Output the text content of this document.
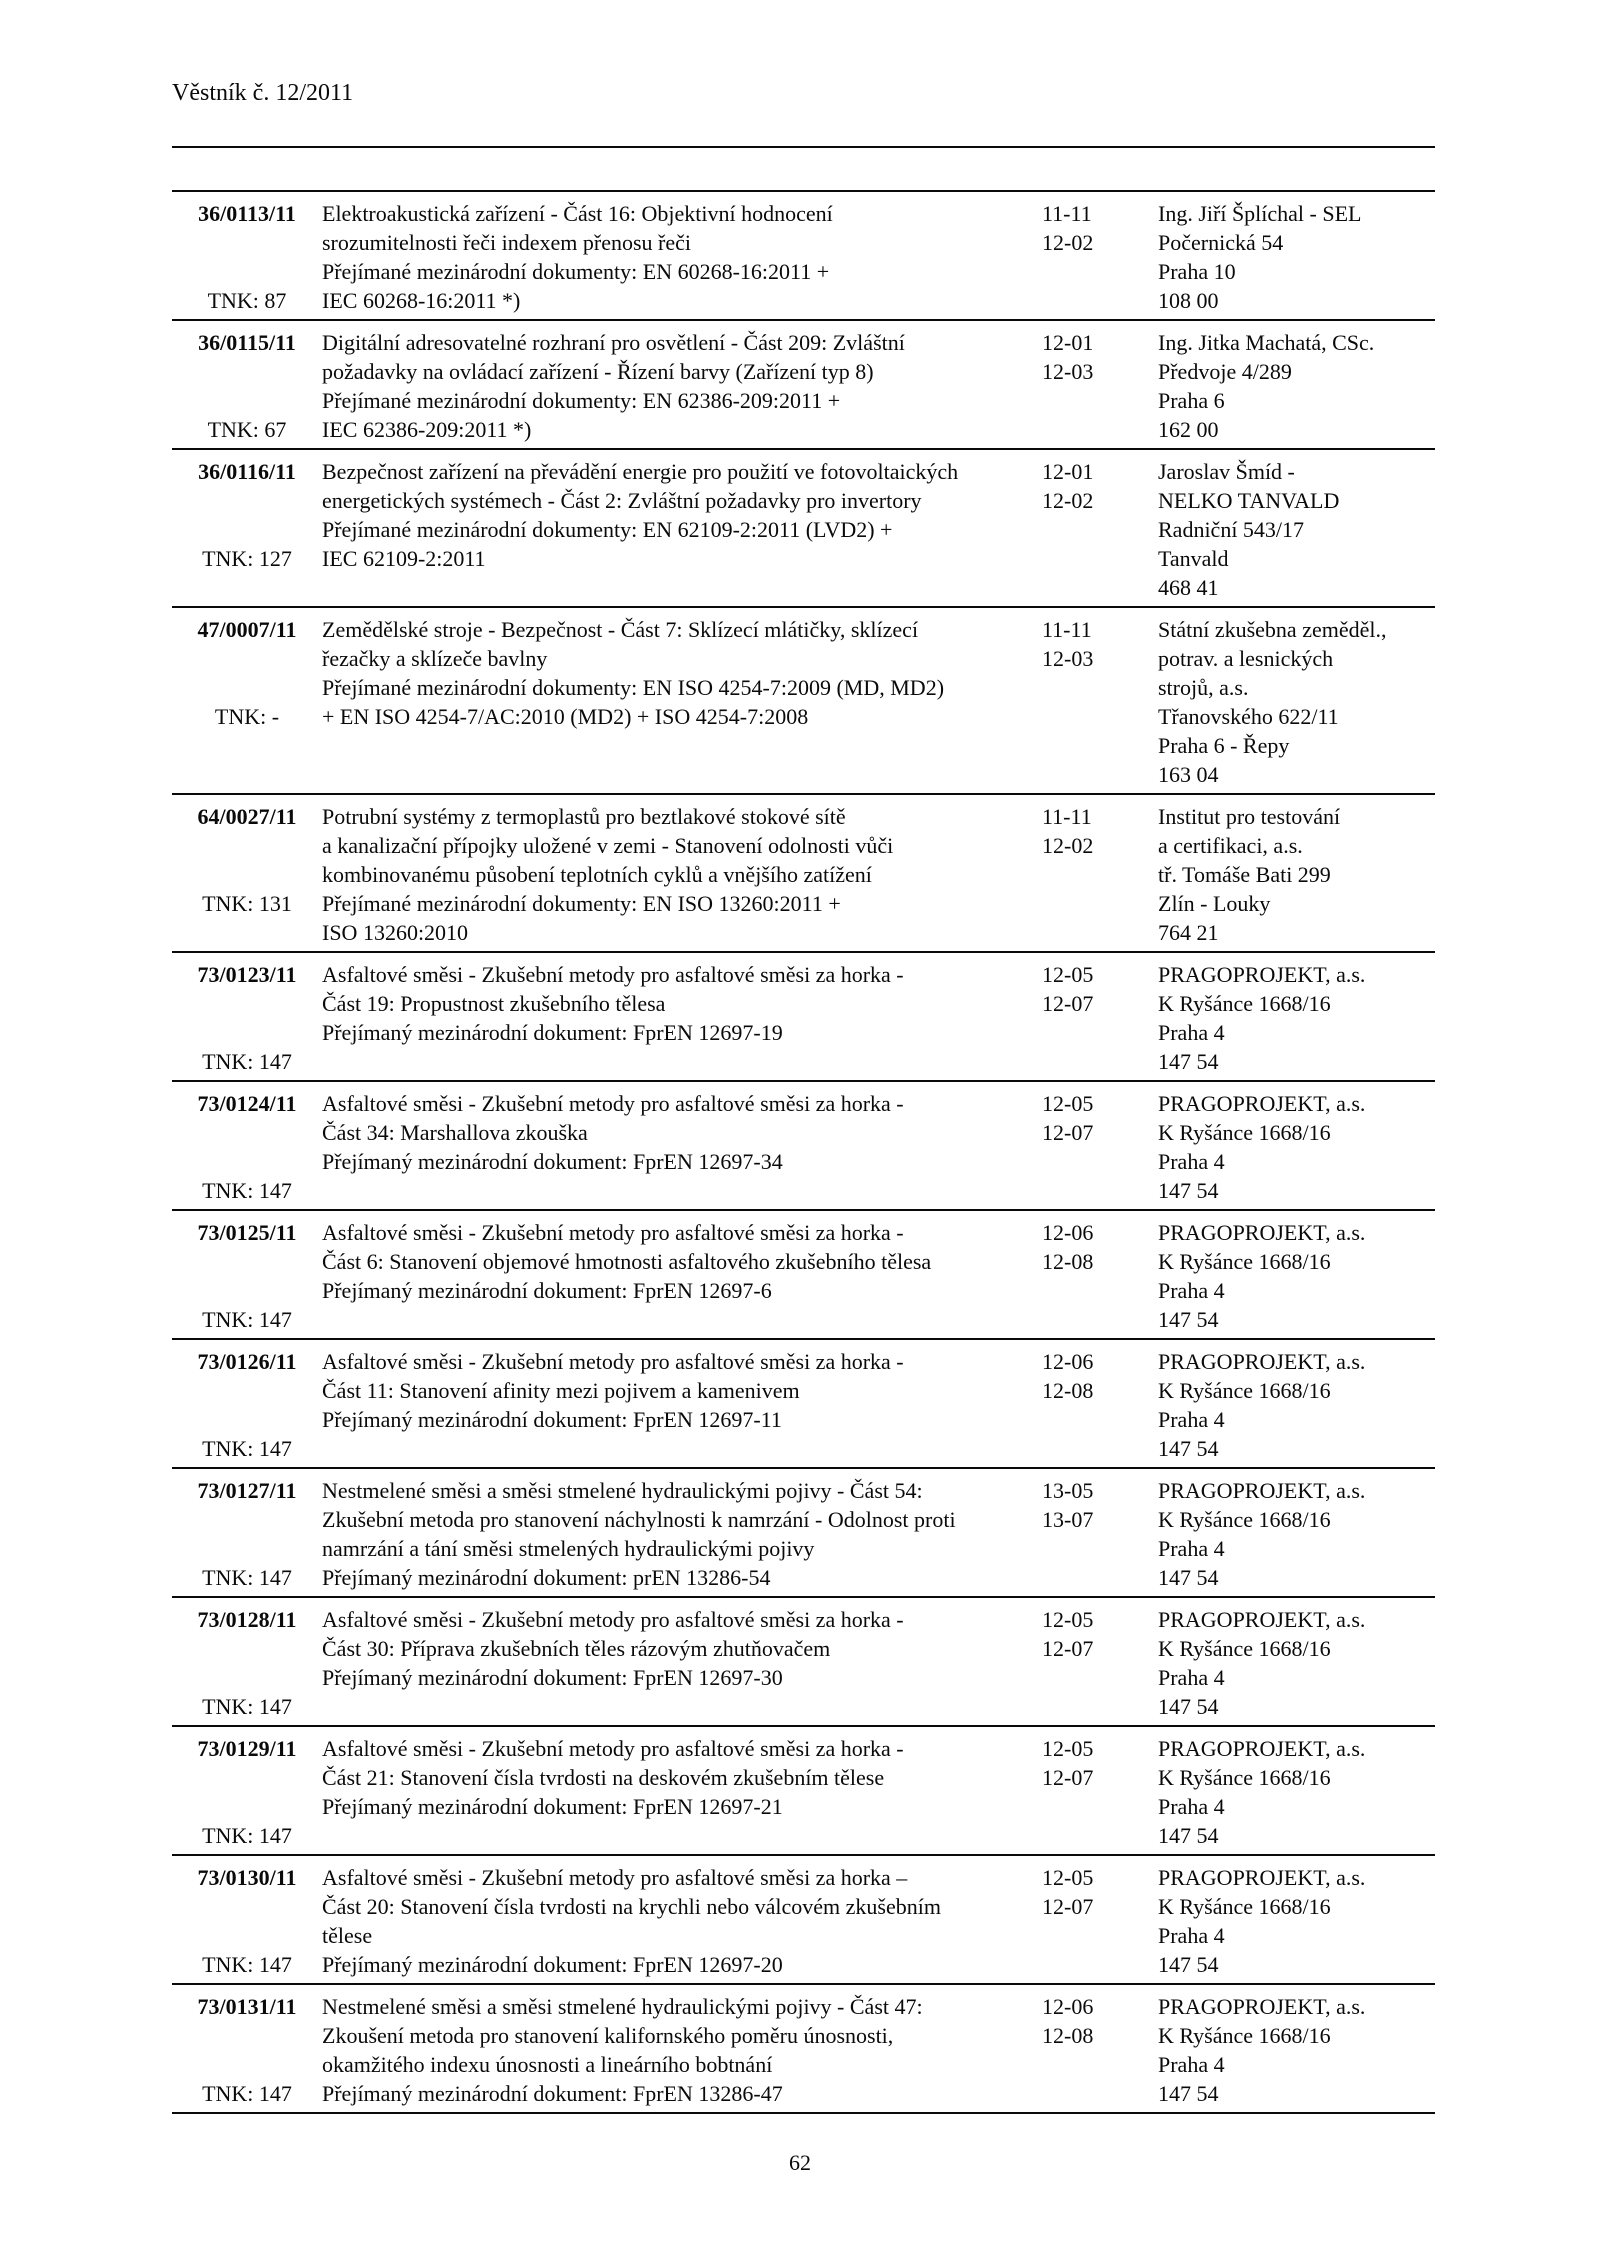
Věstník č. 12/2011
36/0113/11
TNK: 87
Elektroakustická zařízení - Část 16: Objektivní hodnocení
srozumitelnosti řeči indexem přenosu řeči
Přejímané mezinárodní dokumenty: EN 60268-16:2011 +
IEC 60268-16:2011 *)
11-11
12-02
Ing. Jiří Šplíchal - SEL
Počernická 54
Praha 10
108 00
36/0115/11
TNK: 67
Digitální adresovatelné rozhraní pro osvětlení - Část 209: Zvláštní
požadavky na ovládací zařízení - Řízení barvy (Zařízení typ 8)
Přejímané mezinárodní dokumenty: EN 62386-209:2011 +
IEC 62386-209:2011 *)
12-01
12-03
Ing. Jitka Machatá, CSc.
Předvoje 4/289
Praha 6
162 00
36/0116/11
TNK: 127
Bezpečnost zařízení na převádění energie pro použití ve fotovoltaických
energetických systémech - Část 2: Zvláštní požadavky pro invertory
Přejímané mezinárodní dokumenty: EN 62109-2:2011 (LVD2) +
IEC 62109-2:2011
12-01
12-02
Jaroslav Šmíd -
NELKO TANVALD
Radniční 543/17
Tanvald
468 41
47/0007/11
TNK: -
Zemědělské stroje - Bezpečnost - Část 7: Sklízecí mlátičky, sklízecí
řezačky a sklízeče bavlny
Přejímané mezinárodní dokumenty: EN ISO 4254-7:2009 (MD, MD2)
+ EN ISO 4254-7/AC:2010 (MD2) + ISO 4254-7:2008
11-11
12-03
Státní zkušebna zeměděl.,
potrav. a lesnických
strojů, a.s.
Třanovského 622/11
Praha 6 - Řepy
163 04
64/0027/11
TNK: 131
Potrubní systémy z termoplastů pro beztlakové stokové sítě
a kanalizační přípojky uložené v zemi - Stanovení odolnosti vůči
kombinovanému působení teplotních cyklů a vnějšího zatížení
Přejímané mezinárodní dokumenty: EN ISO 13260:2011 +
ISO 13260:2010
11-11
12-02
Institut pro testování
a certifikaci, a.s.
tř. Tomáše Bati 299
Zlín - Louky
764 21
73/0123/11
TNK: 147
Asfaltové směsi - Zkušební metody pro asfaltové směsi za horka -
Část 19: Propustnost zkušebního tělesa
Přejímaný mezinárodní dokument: FprEN 12697-19
12-05
12-07
PRAGOPROJEKT, a.s.
K Ryšánce 1668/16
Praha 4
147 54
73/0124/11
TNK: 147
Asfaltové směsi - Zkušební metody pro asfaltové směsi za horka -
Část 34: Marshallova zkouška
Přejímaný mezinárodní dokument: FprEN 12697-34
12-05
12-07
PRAGOPROJEKT, a.s.
K Ryšánce 1668/16
Praha 4
147 54
73/0125/11
TNK: 147
Asfaltové směsi - Zkušební metody pro asfaltové směsi za horka -
Část 6: Stanovení objemové hmotnosti asfaltového zkušebního tělesa
Přejímaný mezinárodní dokument: FprEN 12697-6
12-06
12-08
PRAGOPROJEKT, a.s.
K Ryšánce 1668/16
Praha 4
147 54
73/0126/11
TNK: 147
Asfaltové směsi - Zkušební metody pro asfaltové směsi za horka -
Část 11: Stanovení afinity mezi pojivem a kamenivem
Přejímaný mezinárodní dokument: FprEN 12697-11
12-06
12-08
PRAGOPROJEKT, a.s.
K Ryšánce 1668/16
Praha 4
147 54
73/0127/11
TNK: 147
Nestmelené směsi a směsi stmelené hydraulickými pojivy - Část 54:
Zkušební metoda pro stanovení náchylnosti k namrzání - Odolnost proti
namrzání a tání směsi stmelených hydraulickými pojivy
Přejímaný mezinárodní dokument: prEN 13286-54
13-05
13-07
PRAGOPROJEKT, a.s.
K Ryšánce 1668/16
Praha 4
147 54
73/0128/11
TNK: 147
Asfaltové směsi - Zkušební metody pro asfaltové směsi za horka -
Část 30: Příprava zkušebních těles rázovým zhutňovačem
Přejímaný mezinárodní dokument: FprEN 12697-30
12-05
12-07
PRAGOPROJEKT, a.s.
K Ryšánce 1668/16
Praha 4
147 54
73/0129/11
TNK: 147
Asfaltové směsi - Zkušební metody pro asfaltové směsi za horka -
Část 21: Stanovení čísla tvrdosti na deskovém zkušebním tělese
Přejímaný mezinárodní dokument: FprEN 12697-21
12-05
12-07
PRAGOPROJEKT, a.s.
K Ryšánce 1668/16
Praha 4
147 54
73/0130/11
TNK: 147
Asfaltové směsi - Zkušební metody pro asfaltové směsi za horka –
Část 20: Stanovení čísla tvrdosti na krychli nebo válcovém zkušebním
tělese
Přejímaný mezinárodní dokument: FprEN 12697-20
12-05
12-07
PRAGOPROJEKT, a.s.
K Ryšánce 1668/16
Praha 4
147 54
73/0131/11
TNK: 147
Nestmelené směsi a směsi stmelené hydraulickými pojivy - Část 47:
Zkoušení metoda pro stanovení kalifornského poměru únosnosti,
okamžitého indexu únosnosti a lineárního bobtnání
Přejímaný mezinárodní dokument: FprEN 13286-47
12-06
12-08
PRAGOPROJEKT, a.s.
K Ryšánce 1668/16
Praha 4
147 54
62
